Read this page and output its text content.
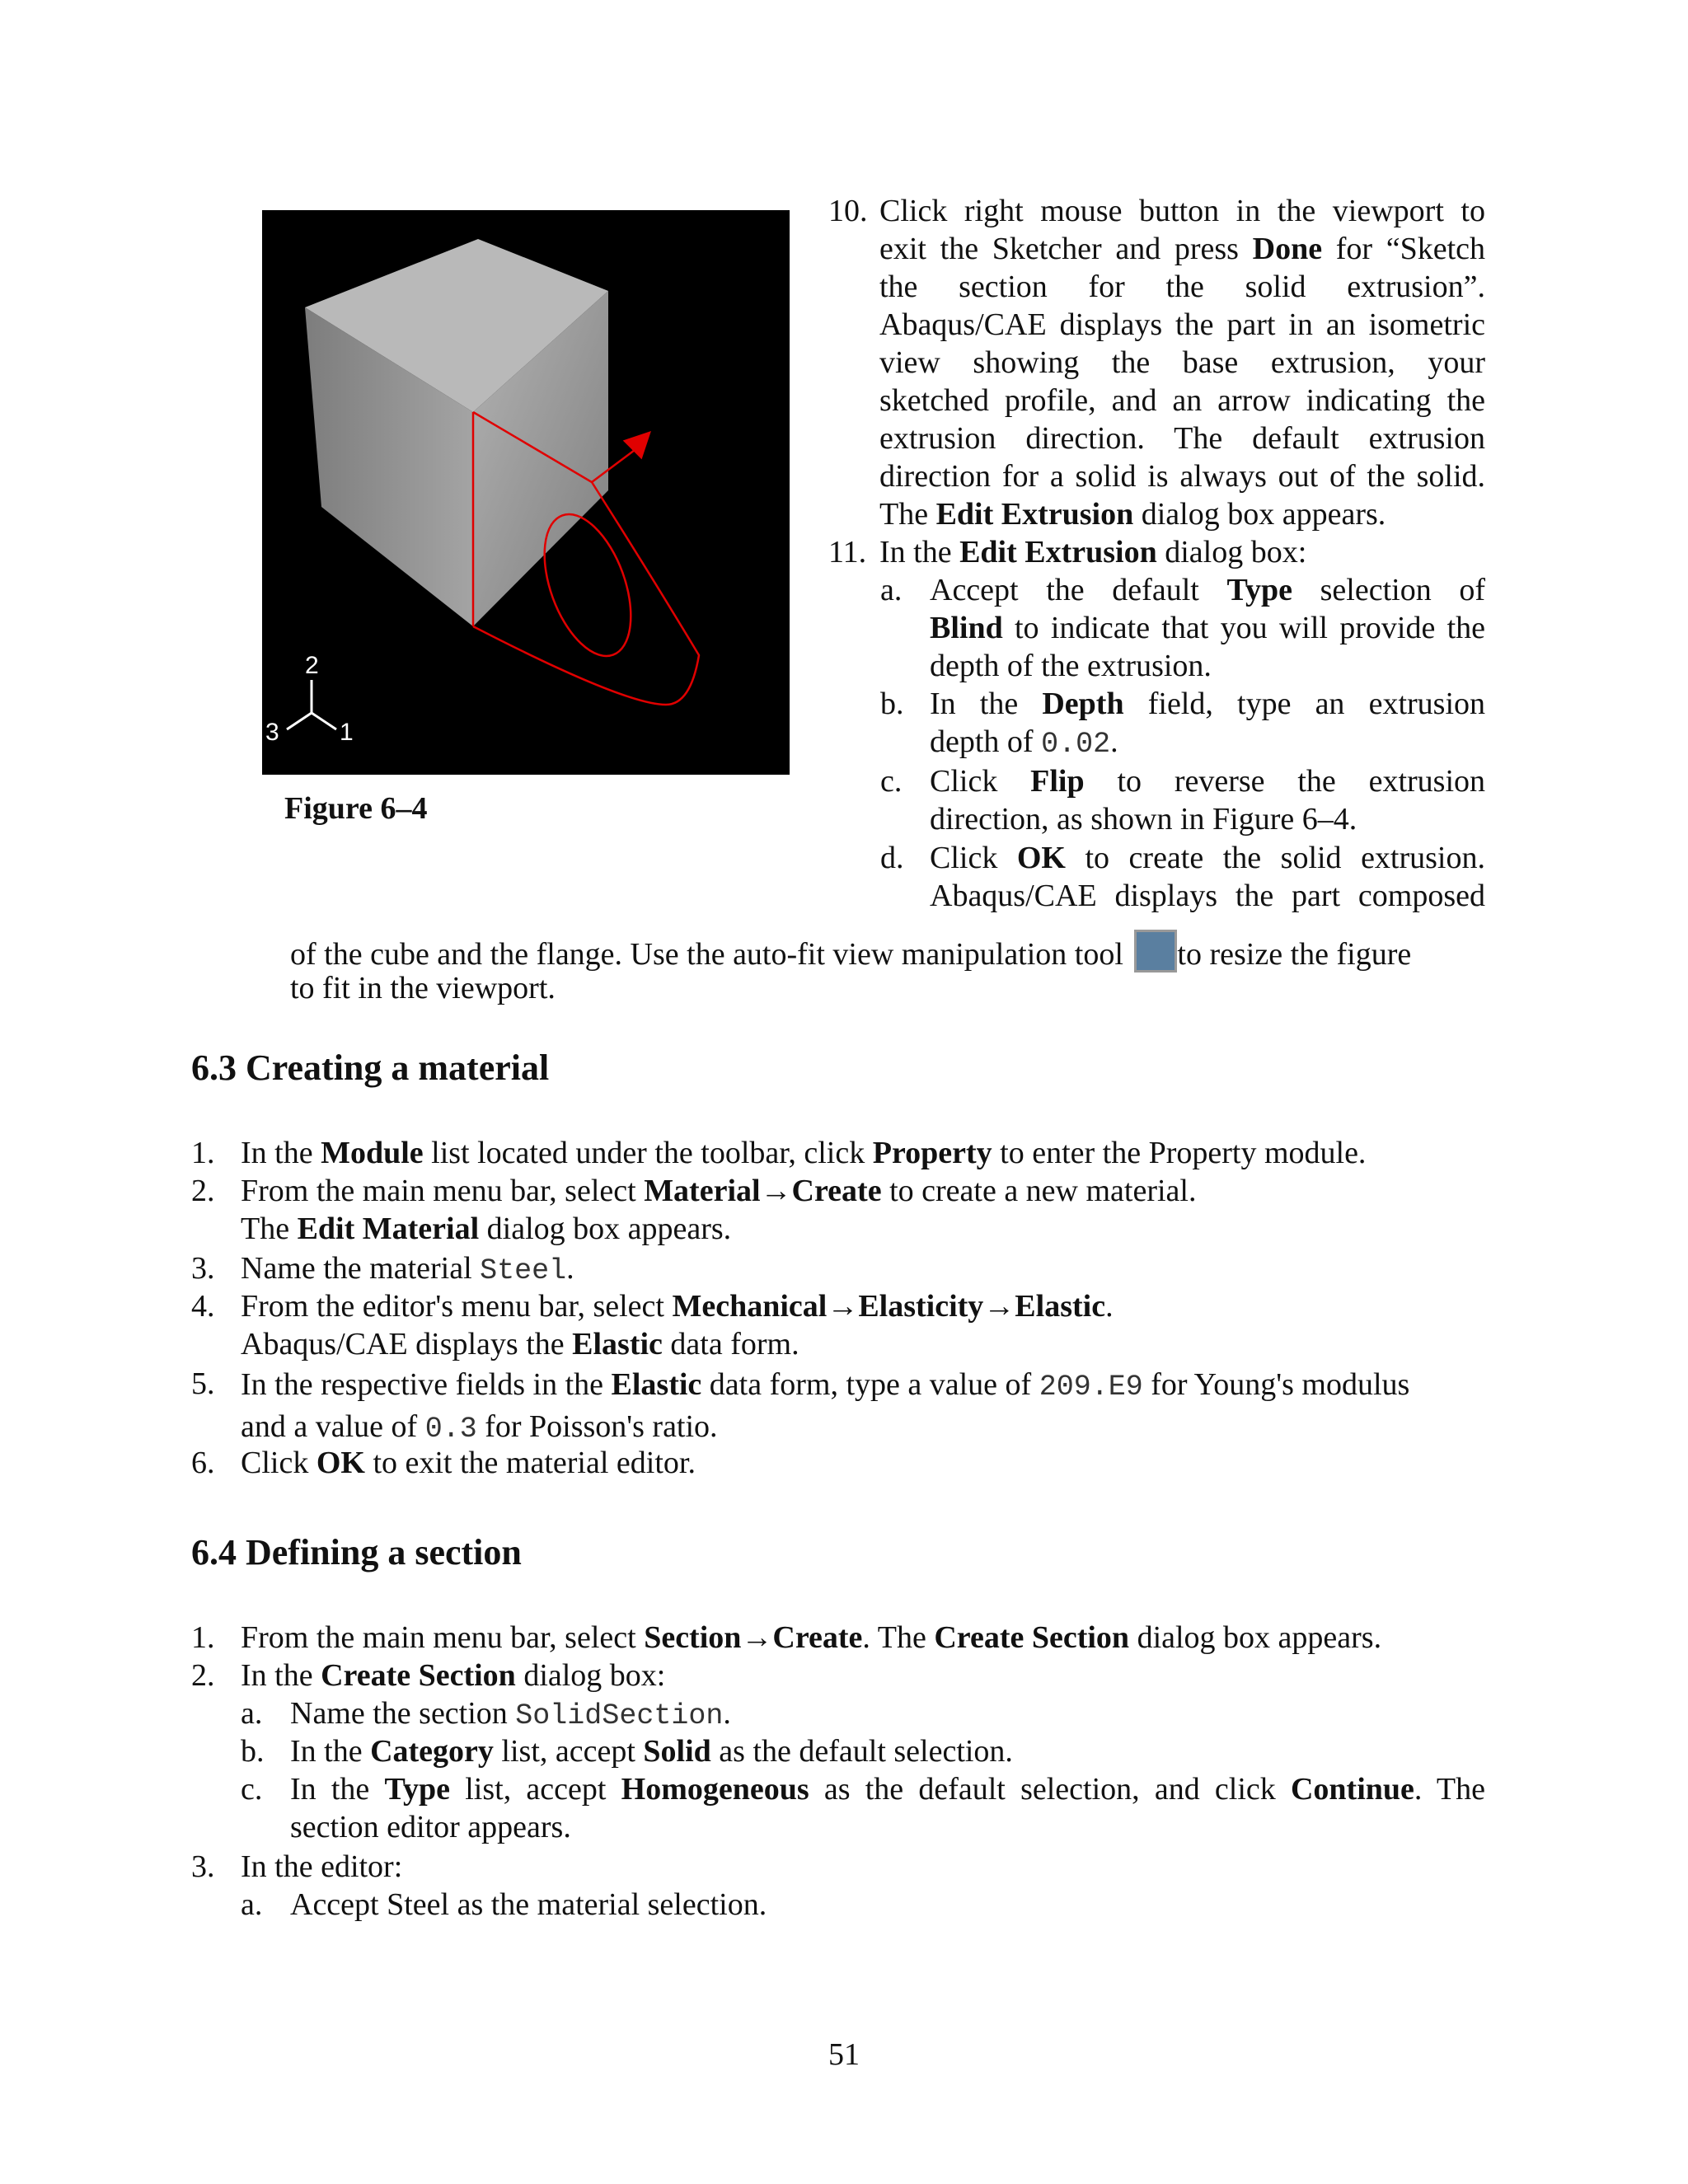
2
3 1
Figure 6–4
10. Click right mouse button in the viewport to
exit the Sketcher and press Done for “Sketch
the section for the solid extrusion”.
Abaqus/CAE displays the part in an isometric
view showing the base extrusion, your
sketched profile, and an arrow indicating the
extrusion direction. The default extrusion
direction for a solid is always out of the solid.
The Edit Extrusion dialog box appears.
11. In the Edit Extrusion dialog box:
a. Accept the default Type selection of
Blind to indicate that you will provide the
depth of the extrusion.
b. In the Depth field, type an extrusion
depth of 0.02.
c. Click Flip to reverse the extrusion
direction, as shown in Figure 6–4.
d. Click OK to create the solid extrusion.
Abaqus/CAE displays the part composed
of the cube and the flange. Use the auto-fit view manipulation tool to resize the figure
to fit in the viewport.
6.3 Creating a material
1. In the Module list located under the toolbar, click Property to enter the Property module.
2. From the main menu bar, select Material→Create to create a new material.
The Edit Material dialog box appears.
3. Name the material Steel.
4. From the editor's menu bar, select Mechanical→Elasticity→Elastic.
Abaqus/CAE displays the Elastic data form.
5. In the respective fields in the Elastic data form, type a value of 209.E9 for Young's modulus
and a value of 0.3 for Poisson's ratio.
6. Click OK to exit the material editor.
6.4 Defining a section
1. From the main menu bar, select Section→Create. The Create Section dialog box appears.
2. In the Create Section dialog box:
a. Name the section SolidSection.
b. In the Category list, accept Solid as the default selection.
c. In the Type list, accept Homogeneous as the default selection, and click Continue. The
section editor appears.
3. In the editor:
a. Accept Steel as the material selection.
51
